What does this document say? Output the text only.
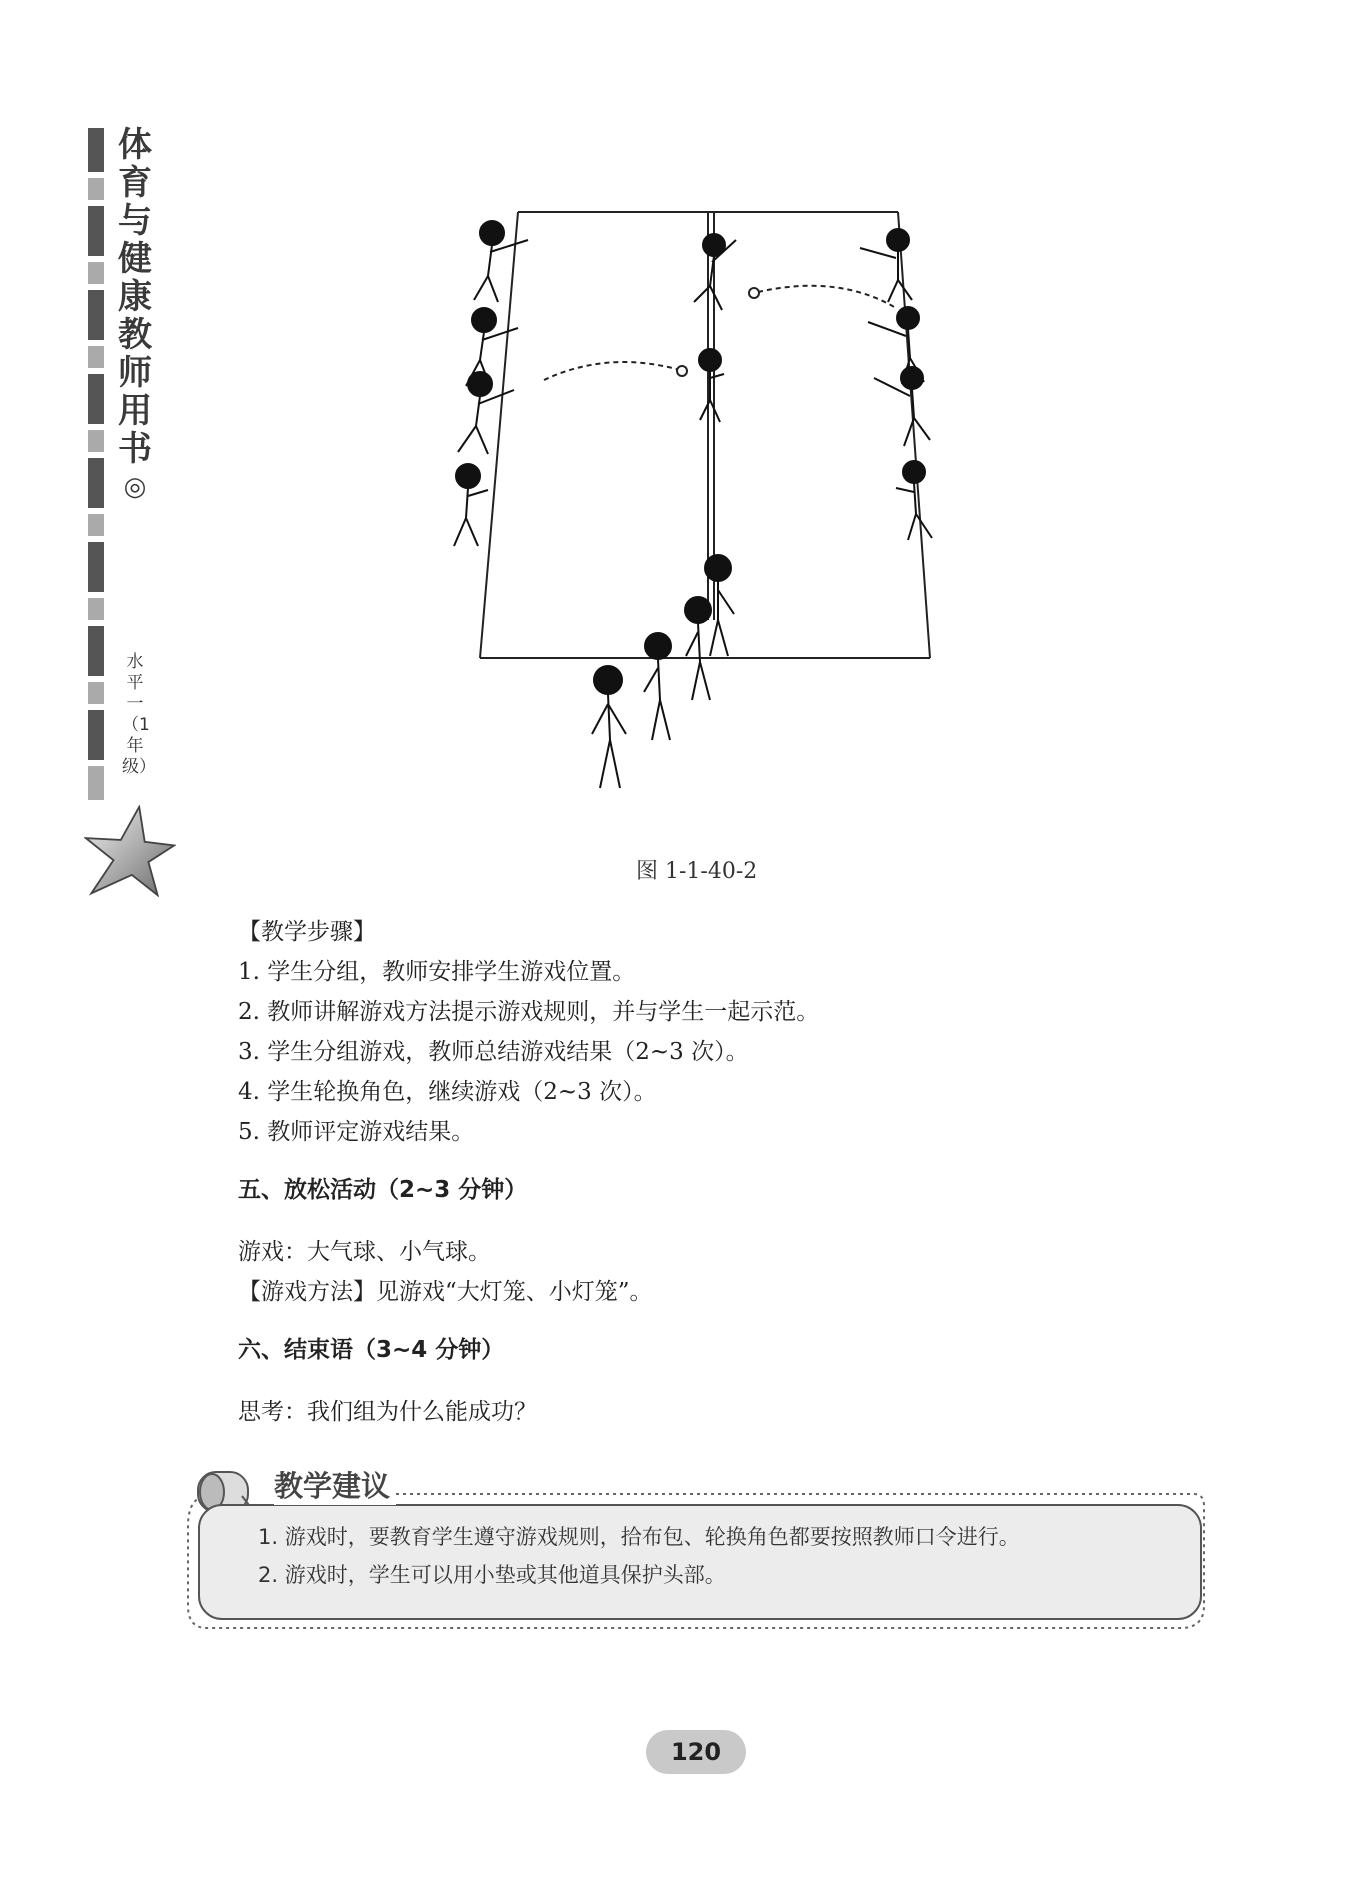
体育与健康教师用书
◎
水平一（1年级）
图 1-1-40-2
【教学步骤】
1. 学生分组，教师安排学生游戏位置。
2. 教师讲解游戏方法提示游戏规则，并与学生一起示范。
3. 学生分组游戏，教师总结游戏结果（2~3 次）。
4. 学生轮换角色，继续游戏（2~3 次）。
5. 教师评定游戏结果。
五、放松活动（2~3 分钟）
游戏：大气球、小气球。
【游戏方法】见游戏“大灯笼、小灯笼”。
六、结束语（3~4 分钟）
思考：我们组为什么能成功？
1. 游戏时，要教育学生遵守游戏规则，拾布包、轮换角色都要按照教师口令进行。
2. 游戏时，学生可以用小垫或其他道具保护头部。
教学建议
120
